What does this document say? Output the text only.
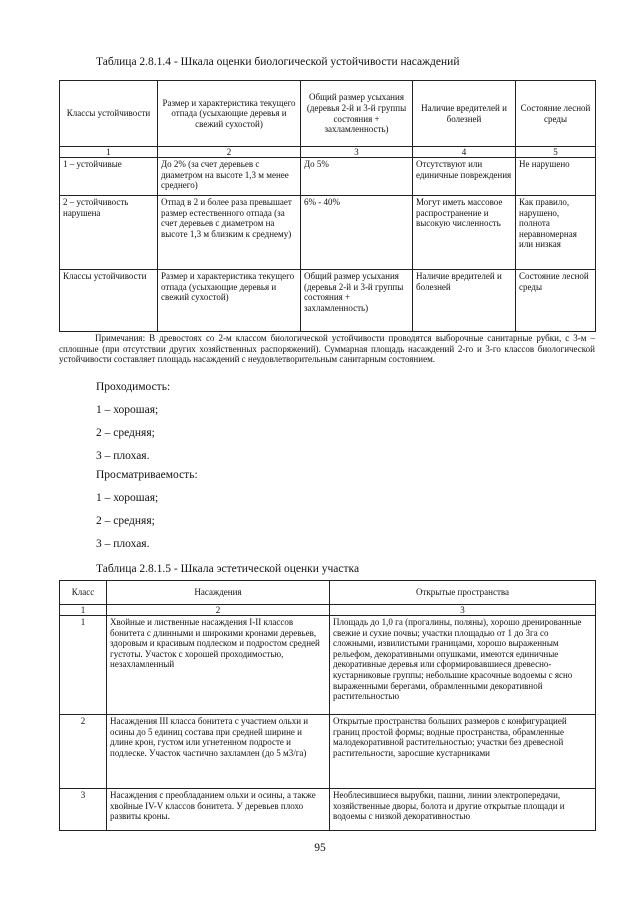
Таблица 2.8.1.4 - Шкала оценки биологической устойчивости насаждений
Классы устойчивости	Размер и характеристика текущего отпада (усыхающие деревья и свежий сухостой)	Общий размер усыхания (деревья 2-й и 3-й группы состояния + захламленность)	Наличие вредителей и болезней	Состояние лесной среды
1	2	3	4	5
1 – устойчивые	До 2% (за счет деревьев с диаметром на высоте 1,3 м менее среднего)	До 5%	Отсутствуют или единичные повреждения	Не нарушено
2 – устойчивость нарушена	Отпад в 2 и более раза превышает размер естественного отпада (за счет деревьев с диаметром на высоте 1,3 м близким к среднему)	6% - 40%	Могут иметь массовое распространение и высокую численность	Как правило, нарушено, полнота неравномерная или низкая
Классы устойчивости	Размер и характеристика текущего отпада (усыхающие деревья и свежий сухостой)	Общий размер усыхания (деревья 2-й и 3-й группы состояния + захламленность)	Наличие вредителей и болезней	Состояние лесной среды
Примечания: В древостоях со 2-м классом биологической устойчивости проводятся выборочные санитарные рубки, с 3-м – сплошные (при отсутствии других хозяйственных распоряжений). Суммарная площадь насаждений 2-го и 3-го классов биологической устойчивости составляет площадь насаждений с неудовлетворительным санитарным состоянием.
Проходимость:
1 – хорошая;
2 – средняя;
3 – плохая.
Просматриваемость:
1 – хорошая;
2 – средняя;
3 – плохая.
Таблица 2.8.1.5 - Шкала эстетической оценки участка
Класс	Насаждения	Открытые пространства
1	2	3
1	Хвойные и лиственные насаждения I-II классов бонитета с длинными и широкими кронами деревьев, здоровым и красивым подлеском и подростом средней густоты. Участок с хорошей проходимостью, незахламленный	Площадь до 1,0 га (прогалины, поляны), хорошо дренированные свежие и сухие почвы; участки площадью от 1 до 3га со сложными, извилистыми границами, хорошо выраженным рельефом, декоративными опушками, имеются единичные декоративные деревья или сформировавшиеся древесно-кустарниковые группы; небольшие красочные водоемы с ясно выраженными берегами, обрамленными декоративной растительностью
2	Насаждения III класса бонитета с участием ольхи и осины до 5 единиц состава при средней ширине и длине крон, густом или угнетенном подросте и подлеске. Участок частично захламлен (до 5 м3/га)	Открытые пространства больших размеров с конфигурацией границ простой формы; водные пространства, обрамленные малодекоративной растительностью; участки без древесной растительности, заросшие кустарниками
3	Насаждения с преобладанием ольхи и осины, а также хвойные IV-V классов бонитета. У деревьев плохо развиты кроны.	Необлесившиеся вырубки, пашни, линии электропередачи, хозяйственные дворы, болота и другие открытые площади и водоемы с низкой декоративностью
95
